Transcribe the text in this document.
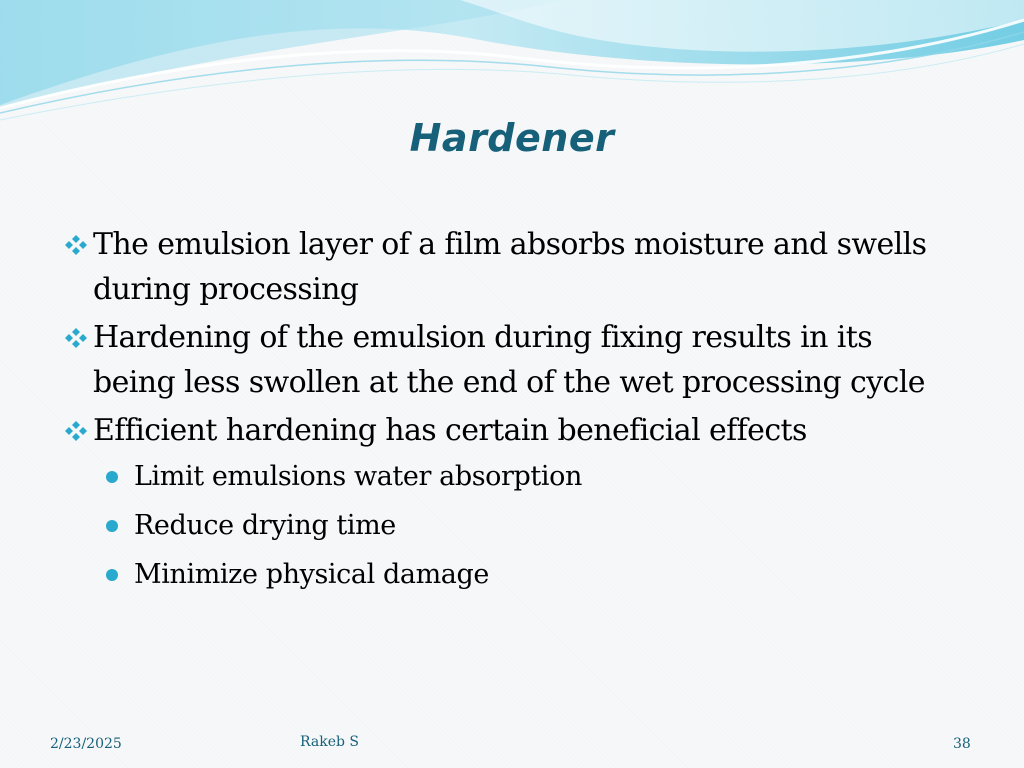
Hardener
The emulsion layer of a film absorbs moisture and swells during processing
Hardening of the emulsion during fixing results in its being less swollen at the end of the wet processing cycle
Efficient hardening has certain beneficial effects
Limit emulsions water absorption
Reduce drying time
Minimize physical damage
2/23/2025	Rakeb S	38
